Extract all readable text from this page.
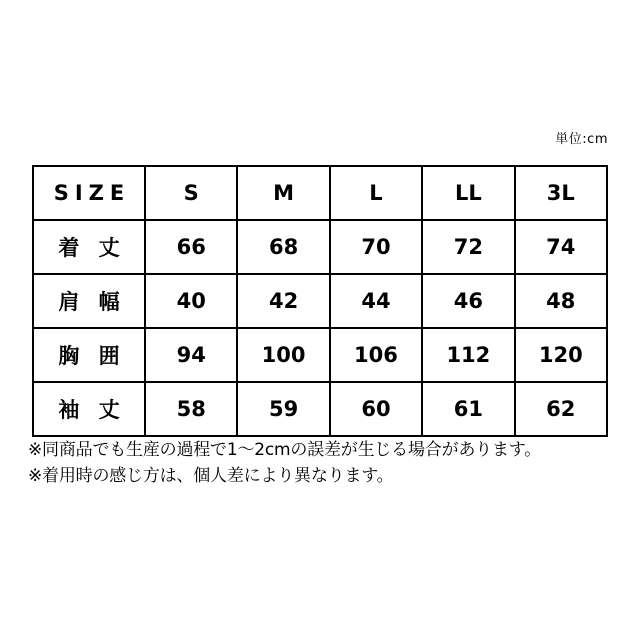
単位:cm
SIZE	S	M	L	LL	3L
着 丈	66	68	70	72	74
肩 幅	40	42	44	46	48
胸 囲	94	100	106	112	120
袖 丈	58	59	60	61	62
※同商品でも生産の過程で1〜2cmの誤差が生じる場合があります。
※着用時の感じ方は、個人差により異なります。
